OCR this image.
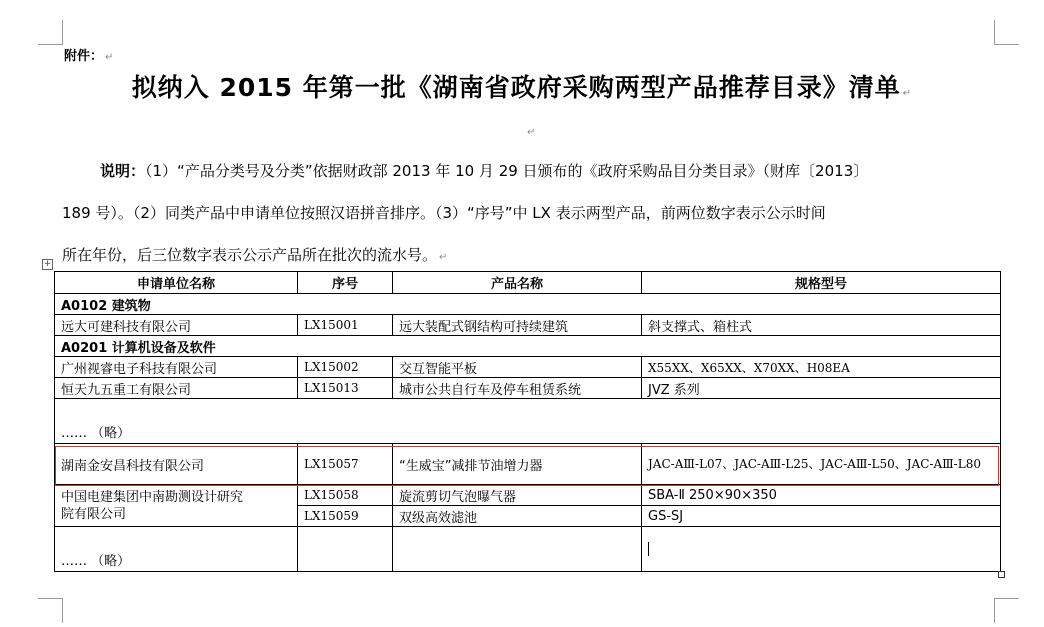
附件： ↵
拟纳入 2015 年第一批《湖南省政府采购两型产品推荐目录》清单 ↵
↵
说明：（1）“产品分类号及分类”依据财政部 2013 年 10 月 29 日颁布的《政府采购品目分类目录》（财库〔2013〕
189 号）。（2）同类产品中申请单位按照汉语拼音排序。（3）“序号”中 LX 表示两型产品，前两位数字表示公示时间
所在年份，后三位数字表示公示产品所在批次的流水号。 ↵
+
申请单位名称	序号	产品名称	规格型号
A0102 建筑物			
远大可建科技有限公司	LX15001	远大装配式钢结构可持续建筑	斜支撑式、箱柱式
A0201 计算机设备及软件			
广州视睿电子科技有限公司	LX15002	交互智能平板	X55XX、X65XX、X70XX、H08EA
恒天九五重工有限公司	LX15013	城市公共自行车及停车租赁系统	JVZ 系列
…… （略）			
湖南金安昌科技有限公司	LX15057	“生威宝”减排节油增力器	JAC-AⅢ-L07、JAC-AⅢ-L25、JAC-AⅢ-L50、JAC-AⅢ-L80

中国电建集团中南勘测设计研究
院有限公司	LX15058	旋流剪切气泡曝气器	SBA-Ⅱ 250×90×350
	LX15059	双级高效滤池	GS-SJ
…… （略）			
